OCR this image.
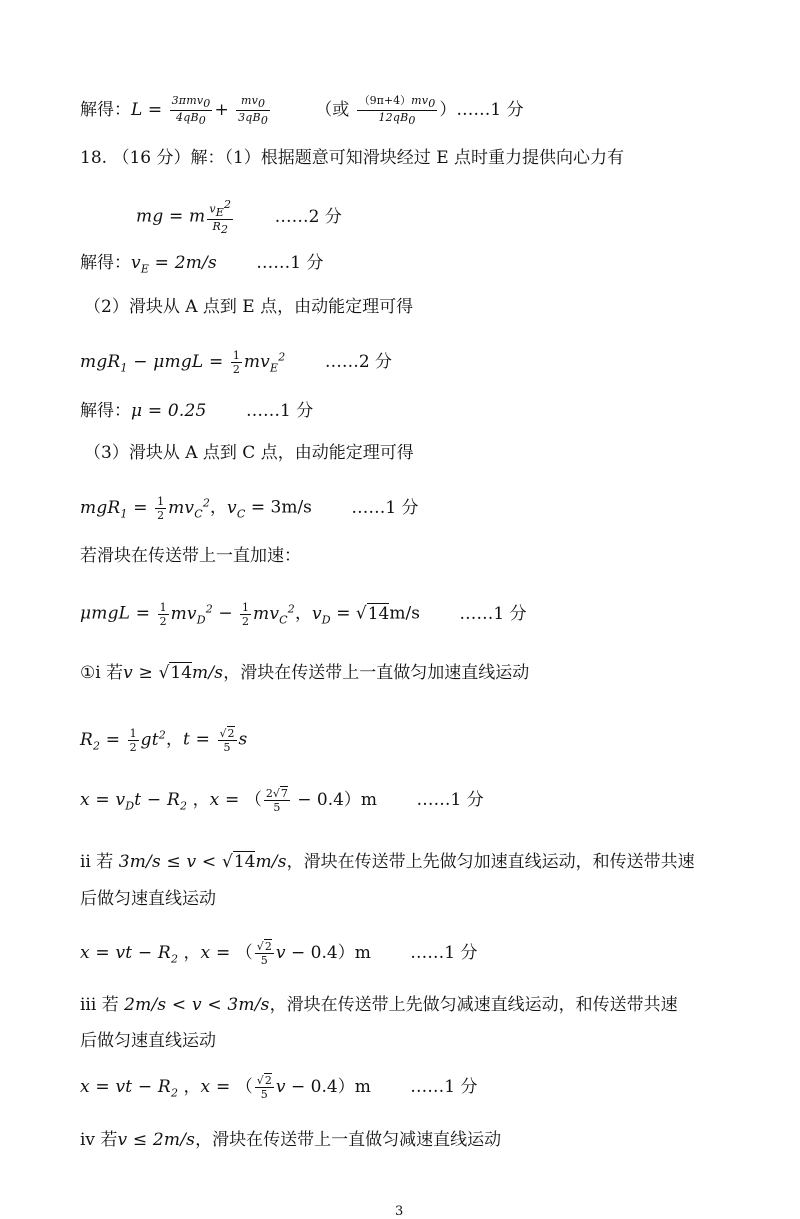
解得：$L = \frac{\text{3πmv0}}{4qB0} + \frac{mv0}{3qB0}$	（或 $\frac{(9\pi+4)mv0}{12qB0}$ ）……1 分
18. （16 分）解：（1）根据题意可知滑块经过 E 点时重力提供向心力有
mg = m $\frac{vE2}{R2}$ ……2 分
解得：$v_E = 2m/s$ ……1 分
（2）滑块从 A 点到 E 点，由动能定理可得
$mgR_1 - \mu mgL = \frac{1}{2} mv_E^2$ ……2 分
解得：μ = 0.25 ……1 分
（3）滑块从 A 点到 C 点，由动能定理可得
$mgR_1 = \frac{1}{2} mv_C^2$，$v_C = 3m/s$ ……1 分
若滑块在传送带上一直加速：
$\mu mgL = \frac{1}{2} mv_D^2 - \frac{1}{2} mv_C^2$，$v_D = √14m/s$ ……1 分
①i 若v ≥ √14m/s，滑块在传送带上一直做匀加速直线运动
$R_2 = \frac{1}{2} gt^2$，$t = \frac{√2}{5}$ s
$x = v_Dt - R_2$ ，x = （ $\frac{2√7}{5} - 0.4)m$ ……1 分
ii 若 3m/s ≤ v < √14m/s，滑块在传送带上先做匀加速直线运动，和传送带共速
后做匀速直线运动
x = vt − $R_2$ ，x = （ $\frac{√2}{5}$ v − 0.4）m ……1 分
iii 若 2m/s < v < 3m/s，滑块在传送带上先做匀减速直线运动，和传送带共速
后做匀速直线运动
x = vt − $R_2$ ，x = （ $\frac{√2}{5}$ v − 0.4）m ……1 分
iv 若v ≤ 2m/s，滑块在传送带上一直做匀减速直线运动
3
